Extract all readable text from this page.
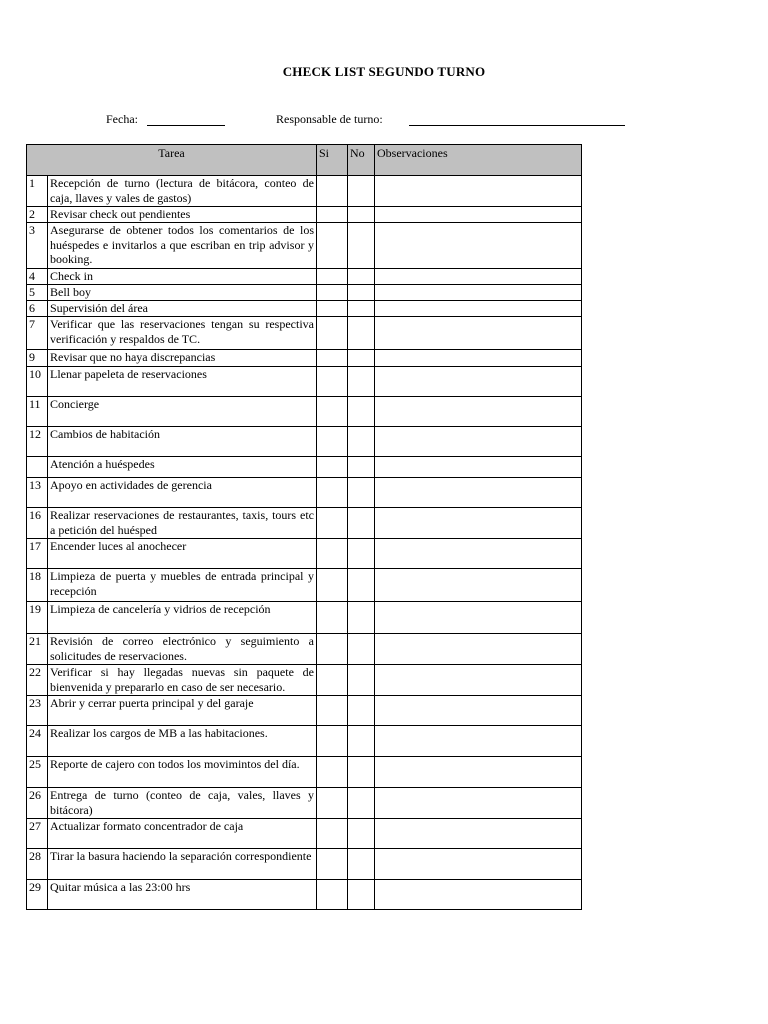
CHECK LIST SEGUNDO TURNO
Fecha:	Responsable de turno:
Tarea		Si	No	Observaciones
1	Recepción de turno (lectura de bitácora, conteo de caja, llaves y vales de gastos)			
2	Revisar check out pendientes			
3	Asegurarse de obtener todos los comentarios de los huéspedes e invitarlos a que escriban en trip advisor y booking.			
4	Check in			
5	Bell boy			
6	Supervisión del área			
7	Verificar que las reservaciones tengan su respectiva verificación y respaldos de TC.			
9	Revisar que no haya discrepancias			
10	Llenar papeleta de reservaciones			
11	Concierge			
12	Cambios de habitación			
	Atención a huéspedes			
13	Apoyo en actividades de gerencia			
16	Realizar reservaciones de restaurantes, taxis, tours etc a petición del huésped			
17	Encender luces al anochecer			
18	Limpieza de puerta y muebles de entrada principal y recepción			
19	Limpieza de cancelería y vidrios de recepción			
21	Revisión de correo electrónico y seguimiento a solicitudes de reservaciones.			
22	Verificar si hay llegadas nuevas sin paquete de bienvenida y prepararlo en caso de ser necesario.			
23	Abrir y cerrar puerta principal y del garaje			
24	Realizar los cargos de MB a las habitaciones.			
25	Reporte de cajero con todos los movimintos del día.			
26	Entrega de turno (conteo de caja, vales, llaves y bitácora)			
27	Actualizar formato concentrador de caja			
28	Tirar la basura haciendo la separación correspondiente			
29	Quitar música a las 23:00 hrs			
